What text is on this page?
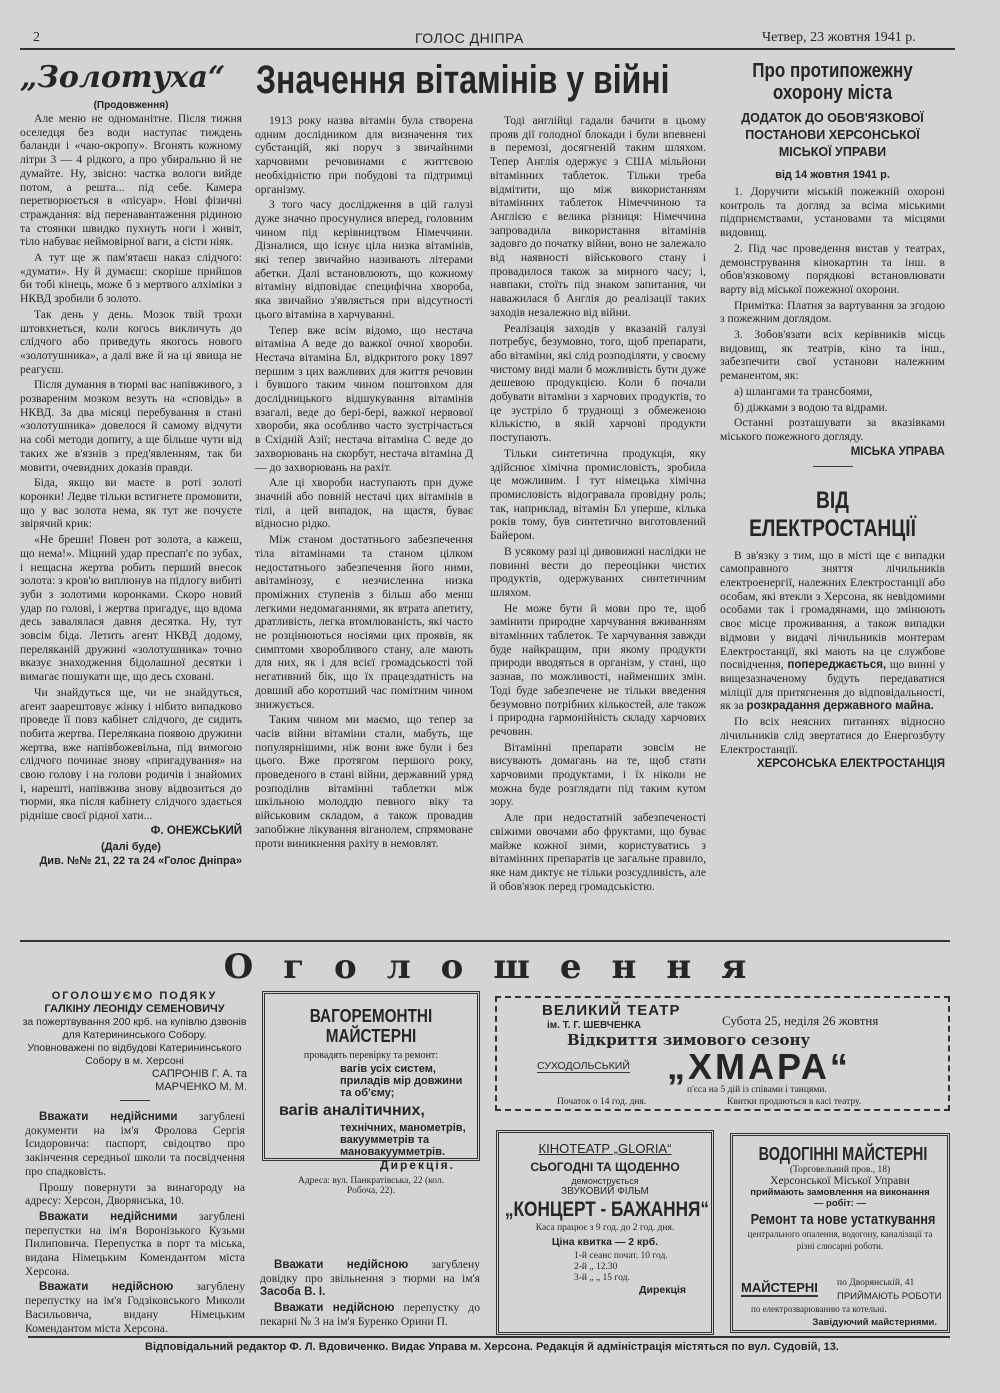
2	ГОЛОС ДНІПРА	Четвер, 23 жовтня 1941 р.
„Золотуха“
(Продовження)

Але меню не одноманітне. Після тижня оселедця без води наступає тиждень баланди і «чаю-окропу». Вгонять кожному літри 3 — 4 рідкого, а про убиральню й не думайте. Ну, звісно: частка вологи вийде потом, а решта... під себе. Камера перетворюється в «пісуар». Нові фізичні страждання: від перенавантаження рідиною та стоянки швидко пухнуть ноги і живіт, тіло набуває неймовірної ваги, а сісти ніяк.

А тут ще ж пам'ятаєш наказ слідчого: «думати». Ну й думаєш: скоріше прийшов би тобі кінець, може б з мертвого алхіміки з НКВД зробили б золото.

Так день у день. Мозок твій трохи штовхнеться, коли когось викличуть до слідчого або приведуть якогось нового «золотушника», а далі вже й на ці явища не реагуєш.

Після думання в тюрмі вас напівживого, з розвареним мозком везуть на «сповідь» в НКВД. За два місяці перебування в стані «золотушника» довелося й самому відчути на собі методи допиту, а ще більше чути від таких же в'язнів з пред'явленням, так би мовити, очевидних доказів правди.

Біда, якщо ви маєте в роті золоті коронки! Ледве тільки встигнете промовити, що у вас золота нема, як тут же почуєте звірячий крик:

«Не бреши! Повен рот золота, а кажеш, що нема!». Міцний удар преспап'є по зубах, і нещасна жертва робить перший внесок золота: з кров'ю виплюнув на підлогу вибиті зуби з золотими коронками. Скоро новий удар по голові, і жертва пригадує, що вдома десь завалялася давня десятка. Ну, тут зовсім біда. Летить агент НКВД додому, переляканій дружині «золотушника» точно вказує знаходження бідолашної десятки і вимагає пошукати ще, що десь сховані.

Чи знайдуться ще, чи не знайдуться, агент заарештовує жінку і нібито випадково проведе її повз кабінет слідчого, де сидить побита жертва. Перелякана появою дружини жертва, вже напівбожевільна, під вимогою слідчого починає знову «пригадування» на свою голову і на голови родичів і знайомих і, нарешті, напівжива знову відвозиться до тюрми, яка після кабінету слідчого здається рідніше своєї рідної хати...

Ф. ОНЕЖСЬКИЙ
(Далі буде)
Див. №№ 21, 22 та 24 «Голос Дніпра»
Значення вітамінів у війні

1913 року назва вітамін була створена одним дослідником для визначення тих субстанцій, які поруч з звичайними харчовими речовинами є життєвою необхідністю при побудові та підтримці організму.

З того часу дослідження в цій галузі дуже значно просунулися вперед, головним чином під керівництвом Німеччини. Дізналися, що існує ціла низка вітамінів, які тепер звичайно називають літерами абетки. Далі встановлюють, що кожному вітаміну відповідає специфічна хвороба, яка звичайно з'являється при відсутності цього вітаміна в харчуванні.

Тепер вже всім відомо, що нестача вітаміна А веде до важкої очної хвороби. Нестача вітаміна Бл, відкритого року 1897 першим з цих важливих для життя речовин і бувшого таким чином поштовхом для дослідницького відшукування вітамінів взагалі, веде до бері-бері, важкої нервової хвороби, яка особливо часто зустрічається в Східній Азії; нестача вітаміна С веде до захворювань на скорбут, нестача вітаміна Д — до захворювань на рахіт.

Але ці хвороби наступають при дуже значній або повній нестачі цих вітамінів в тілі, а цей випадок, на щастя, буває відносно рідко.

Між станом достатнього забезпечення тіла вітамінами та станом цілком недостатнього забезпечення його ними, авітамінозу, є незчисленна низка проміжних ступенів з більш або менш легкими недомаганнями, як втрата апетиту, дратливість, легка втомлюваність, які часто не розцінюються носіями цих проявів, як симптоми хворобливого стану, але мають для них, як і для всієї громадськості той негативний бік, що їх працездатність на довший або коротший час помітним чином знижується.

Таким чином ми маємо, що тепер за часів війни вітаміни стали, мабуть, ще популярнішими, ніж вони вже були і без цього. Вже протягом першого року, проведеного в стані війни, державний уряд розподілив вітамінні таблетки між шкільною молоддю певного віку та військовим складом, а також провадив запобіжне лікування віганолем, спрямоване проти виникнення рахіту в немовлят.

Тоді англійці гадали бачити в цьому прояв дії голодної блокади і були впевнені в перемозі, досягненій таким шляхом. Тепер Англія одержує з США мільйони вітамінних таблеток. Тільки треба відмітити, що між використанням вітамінних таблеток Німеччиною та Англією є велика різниця: Німеччина запровадила використання вітамінів задовго до початку війни, воно не залежало від наявності військового стану і провадилося також за мирного часу; і, навпаки, стоїть під знаком запитання, чи наважилася б Англія до реалізації таких заходів незалежно від війни.

Реалізація заходів у вказаній галузі потребує, безумовно, того, щоб препарати, або вітаміни, які слід розподіляти, у своєму чистому виді мали б можливість бути дуже дешевою продукцією. Коли б почали добувати вітаміни з харчових продуктів, то це зустріло б труднощі з обмеженою кількістю, в якій харчові продукти поступають.

Тільки синтетична продукція, яку здійснює хімічна промисловість, зробила це можливим. І тут німецька хімічна промисловість відогравала провідну роль; так, наприклад, вітамін Бл уперше, кілька років тому, був синтетично виготовлений Байером.

В усякому разі ці дивовижні наслідки не повинні вести до переоцінки чистих продуктів, одержуваних синтетичним шляхом.

Не може бути й мови про те, щоб замінити природне харчування вживанням вітамінних таблеток. Те харчування завжди буде найкращим, при якому продукти природи вводяться в організм, у стані, що зазнав, по можливості, найменших змін. Тоді буде забезпечене не тільки введення безумовно потрібних кількостей, але також і природна гармонійність складу харчових речовин.

Вітамінні препарати зовсім не висувають домагань на те, щоб стати харчовими продуктами, і їх ніколи не можна буде розглядати під таким кутом зору.

Але при недостатній забезпеченості свіжими овочами або фруктами, що буває майже кожної зими, користуватись з вітамінних препаратів це загальне правило, яке нам диктує не тільки розсудливість, але й обов'язок перед громадськістю.

Про протипожежну охорону міста
ДОДАТОК ДО ОБОВ'ЯЗКОВОЇ ПОСТАНОВИ ХЕРСОНСЬКОЇ МІСЬКОЇ УПРАВИ
від 14 жовтня 1941 р.

1. Доручити міській пожежній охороні контроль та догляд за всіма міськими підприємствами, установами та місцями видовищ.

2. Під час проведення вистав у театрах, демонстрування кінокартин та інш. в обов'язковому порядкові встановлювати варту від міської пожежної охорони.

Примітка: Платня за вартування за згодою з пожежним доглядом.

3. Зобов'язати всіх керівників місць видовищ, як театрів, кіно та інш., забезпечити свої установи належним реманентом, як:

а) шлангами та трансбоями,

б) діжками з водою та відрами.

Останні розташувати за вказівками міського пожежного догляду.

МІСЬКА УПРАВА
ВІД ЕЛЕКТРОСТАНЦІЇ

В зв'язку з тим, що в місті ще є випадки самоправного зняття лічильників електроенергії, належних Електростанції або особам, які втекли з Херсона, як невідомими особами так і громадянами, що змінюють своє місце проживання, а також випадки відмови у видачі лічильників монтерам Електростанції, які мають на це службове посвідчення, попереджається, що винні у вищезазначеному будуть передаватися міліції для притягнення до відповідальності, як за розкрадання державного майна.

По всіх неясних питаннях відносно лічильників слід звертатися до Енергозбуту Електростанції.

ХЕРСОНСЬКА ЕЛЕКТРОСТАНЦІЯ
Оголошення
ОГОЛОШУЄМО ПОДЯКУ
ГАЛКІНУ ЛЕОНІДУ СЕМЕНОВИЧУ
за пожертвування 200 крб. на купівлю дзвонів для Катерининського Собору.
Уповноважені по відбудові Катерининського Собору в м. Херсоні
САПРОНІВ Г. А. та
МАРЧЕНКО М. М.

Вважати недійсними загублені документи на ім'я Фролова Сергія Ісидоровича: паспорт, свідоцтво про закінчення середньої школи та посвідчення про спадковість.

Прошу повернути за винагороду на адресу: Херсон, Дворянська, 10.

Вважати недійсними загублені перепустки на ім'я Воронізького Кузьми Пилиповича. Перепустка в порт та міська, видана Німецьким Комендантом міста Херсона.

Вважати недійсною загублену перепустку на ім'я Годзіковського Миколи Васильовича, видану Німецьким Комендантом міста Херсона.

ВАГОРЕМОНТНІ МАЙСТЕРНІ
провадять перевірку та ремонт:
вагів усіх систем, приладів мір довжини та об'єму;
вагів аналітичних,
технічних, манометрів, вакуумметрів та мановакуумметрів.
Дирекція.
Адреса: вул. Панкратівська, 22 (кол. Робоча, 22).

Вважати недійсною загублену довідку про звільнення з тюрми на ім'я Засоба В. І.

Вважати недійсною перепустку до пекарні № 3 на ім'я Буренко Орини П.

ВЕЛИКИЙ ТЕАТР
ім. Т. Г. ШЕВЧЕНКА	Субота 25, неділя 26 жовтня
Відкриття зимового сезону
СУХОДОЛЬСЬКИЙ „ХМАРА“
п'єса на 5 дій із співами і танцями.
Початок о 14 год. дня.	Квитки продаються в касі театру.
КІНОТЕАТР „GLORIA“
СЬОГОДНІ ТА ЩОДЕННО
демонструється
ЗВУКОВИЙ ФІЛЬМ
„КОНЦЕРТ - БАЖАННЯ“
Каса працює з 9 год. до 2 год. дня.
Ціна квитка — 2 крб.
1-й сеанс почат. 10 год.
2-й „ 12.30
3-й „ „ 15 год.
Дирекція
ВОДОГІННІ МАЙСТЕРНІ
(Торговельний пров., 18)
Херсонської Міської Управи
приймають замовлення на виконання
— робіт: —
Ремонт та нове устаткування
центрального опалення, водогону, каналізації та різні слюсарні роботи.
МАЙСТЕРНІ по Дворянській, 41
ПРИЙМАЮТЬ РОБОТИ
по електрозварюванню та котельні.
Завідуючий майстернями.
Відповідальний редактор Ф. Л. Вдовиченко. Видає Управа м. Херсона. Редакція й адміністрація містяться по вул. Судовій, 13.
